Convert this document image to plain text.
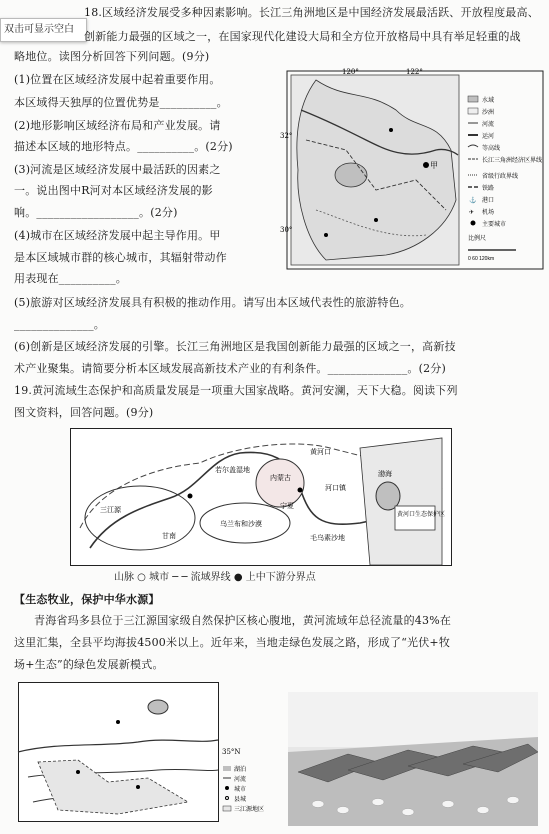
双击可显示空白
18.区域经济发展受多种因素影响。长江三角洲地区是中国经济发展最活跃、开放程度最高、
创新能力最强的区域之一，在国家现代化建设大局和全方位开放格局中具有举足轻重的战
略地位。读图分析回答下列问题。(9分)
(1)位置在区域经济发展中起着重要作用。
本区域得天独厚的位置优势是__________。
(2)地形影响区域经济布局和产业发展。请
描述本区域的地形特点。__________。(2分)
(3)河流是区域经济发展中最活跃的因素之
一。说出图中R河对本区域经济发展的影
响。__________________。(2分)
(4)城市在区域经济发展中起主导作用。甲
是本区域城市群的核心城市，其辐射带动作
用表现在__________。
(5)旅游对区域经济发展具有积极的推动作用。请写出本区域代表性的旅游特色。
______________。
(6)创新是区域经济发展的引擎。长江三角洲地区是我国创新能力最强的区域之一，高新技
术产业聚集。请简要分析本区域发展高新技术产业的有利条件。______________。(2分)
120°	122°
32°
30°
甲
水域
沙洲
河流
运河
等高线
长江三角洲经济区界线
省级行政界线
铁路
⚓ 港口
✈ 机场
主要城市
比例尺
0 60 120km
19.黄河流域生态保护和高质量发展是一项重大国家战略。黄河安澜，天下大稳。阅读下列
图文资料，回答问题。(9分)
黄河口
若尔盖湿地
内蒙古
宁夏
河口镇
黄河口生态保护区
渤海
乌兰布和沙漠
毛乌素沙地
甘南
三江源
山脉 ○ 城市 ─ ─ 流域界线 ● 上中下游分界点
【生态牧业，保护中华水源】
青海省玛多县位于三江源国家级自然保护区核心腹地，黄河流域年总径流量的43%在
这里汇集，全县平均海拔4500米以上。近年来，当地走绿色发展之路，形成了“光伏+牧
场+生态”的绿色发展新模式。
35°N
湖泊
河流
城市
县城
三江源地区
